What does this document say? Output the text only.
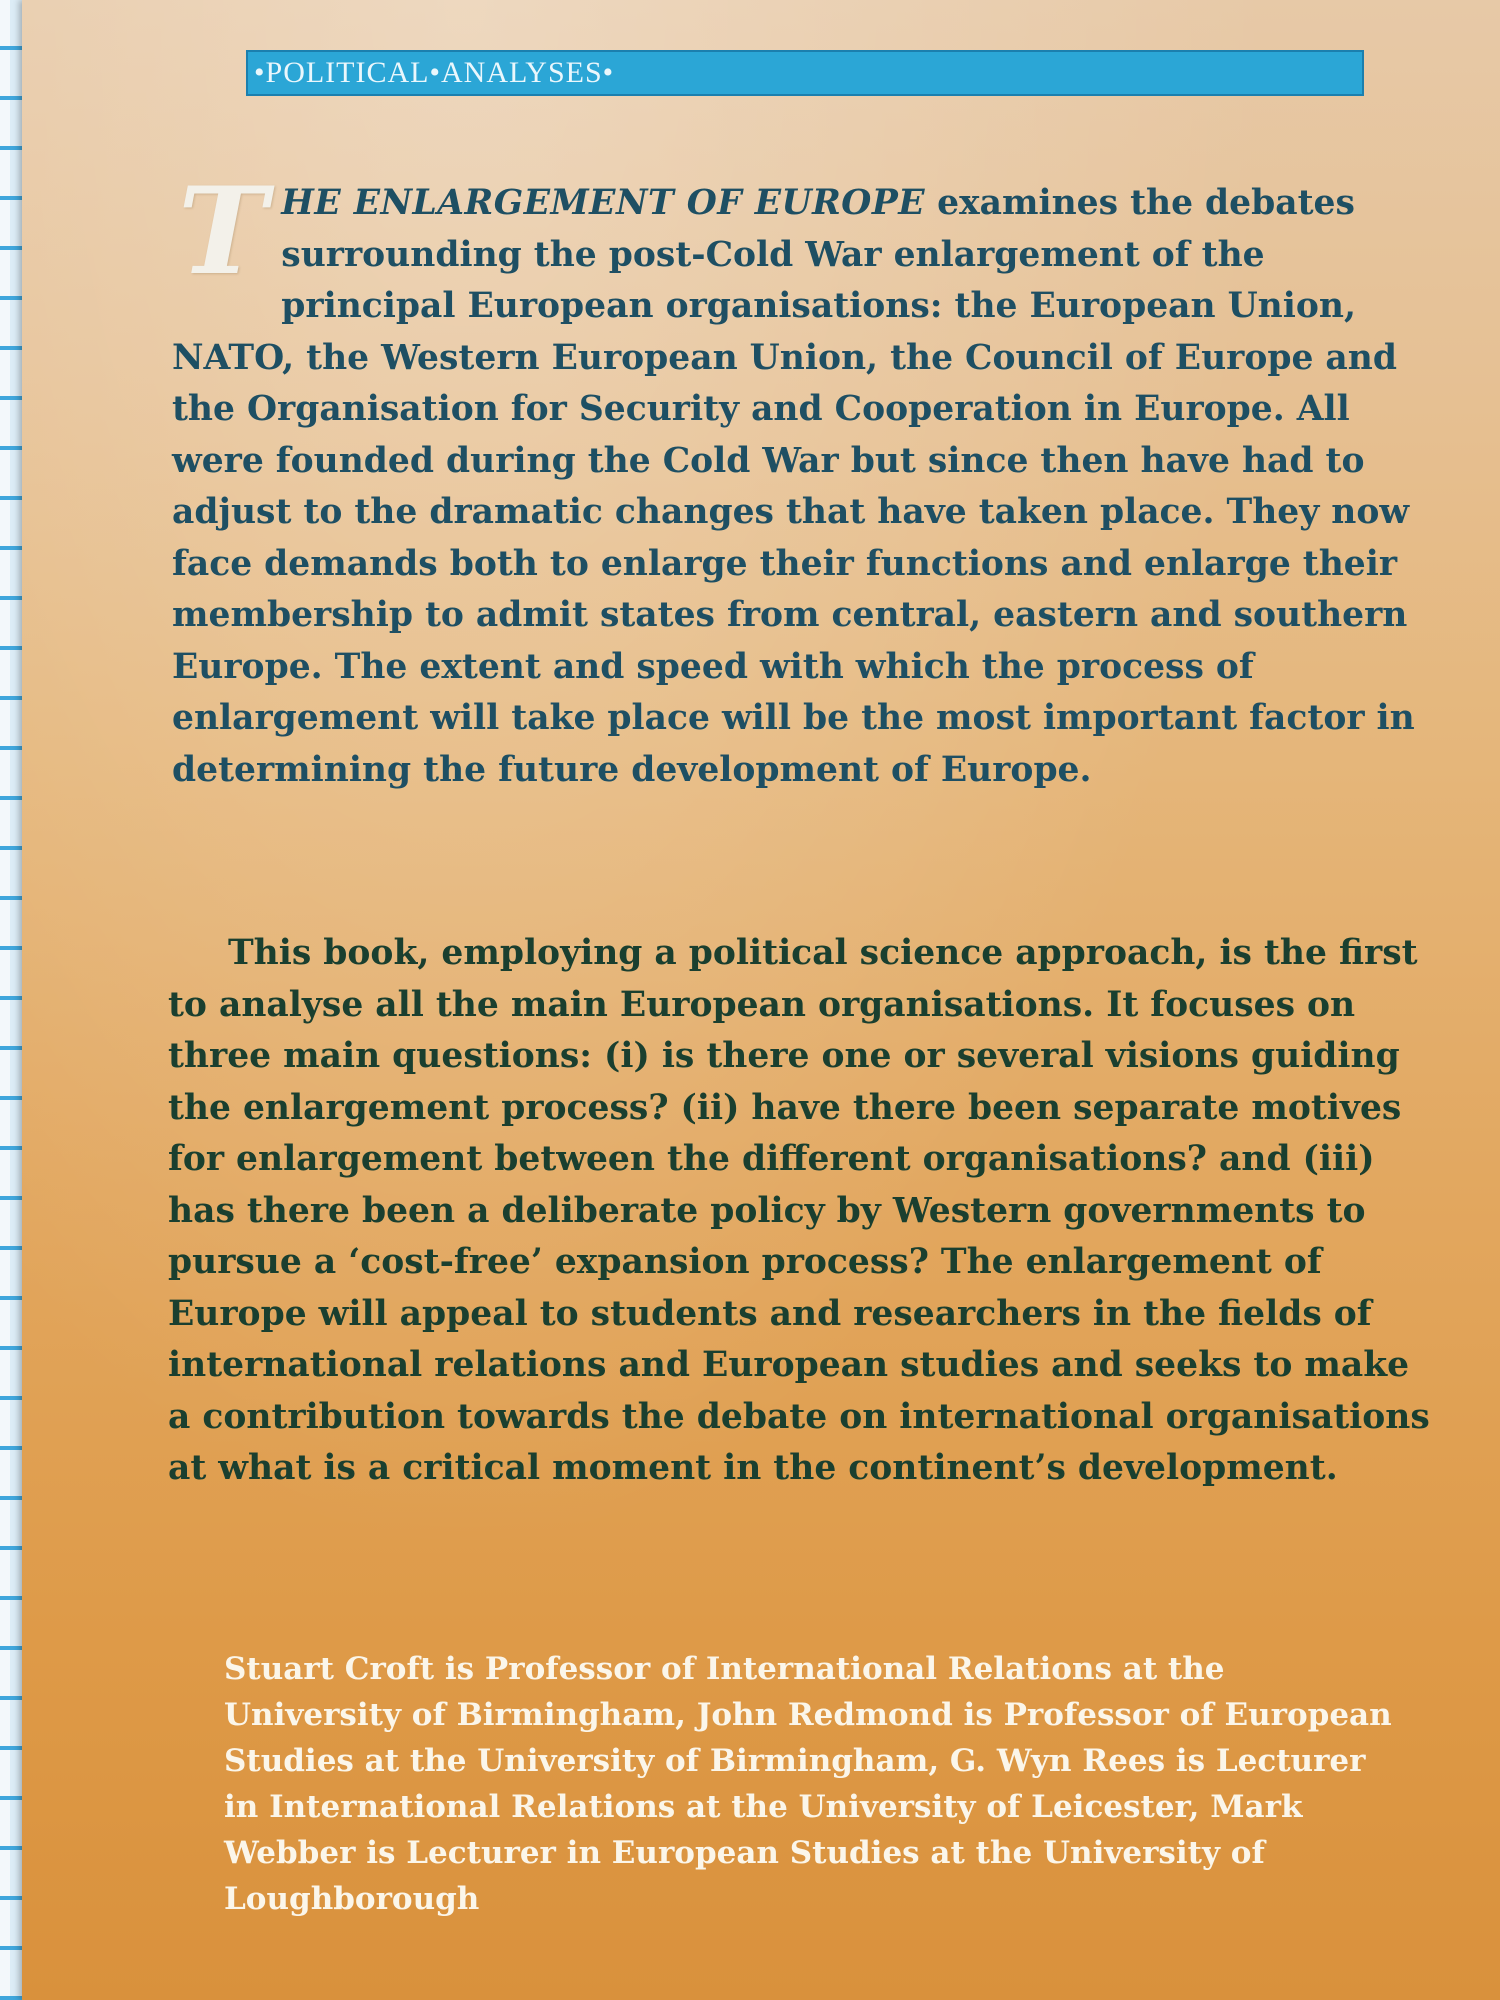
•POLITICAL•ANALYSES•

THE ENLARGEMENT OF EUROPE examines the debates surrounding the post-Cold War enlargement of the principal European organisations: the European Union, NATO, the Western European Union, the Council of Europe and the Organisation for Security and Cooperation in Europe. All were founded during the Cold War but since then have had to adjust to the dramatic changes that have taken place. They now face demands both to enlarge their functions and enlarge their membership to admit states from central, eastern and southern Europe. The extent and speed with which the process of enlargement will take place will be the most important factor in determining the future development of Europe.

This book, employing a political science approach, is the first to analyse all the main European organisations. It focuses on three main questions: (i) is there one or several visions guiding the enlargement process? (ii) have there been separate motives for enlargement between the different organisations? and (iii) has there been a deliberate policy by Western governments to pursue a ‘cost-free’ expansion process? The enlargement of Europe will appeal to students and researchers in the fields of international relations and European studies and seeks to make a contribution towards the debate on international organisations at what is a critical moment in the continent’s development.

Stuart Croft is Professor of International Relations at the University of Birmingham, John Redmond is Professor of European Studies at the University of Birmingham, G. Wyn Rees is Lecturer in International Relations at the University of Leicester, Mark Webber is Lecturer in European Studies at the University of Loughborough
